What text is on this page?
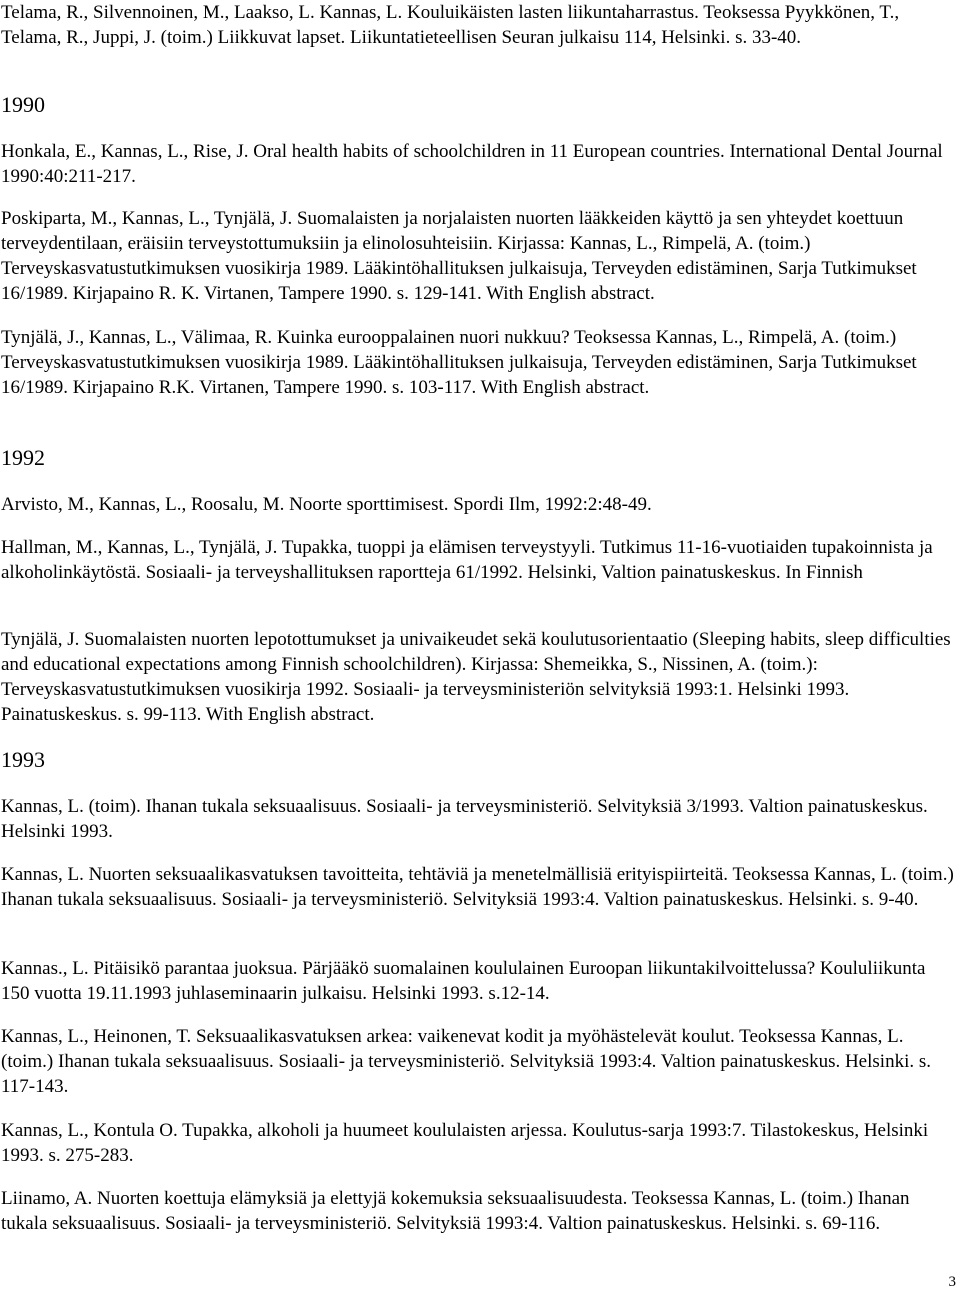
Telama, R., Silvennoinen, M., Laakso, L. Kannas, L. Kouluikäisten lasten liikuntaharrastus. Teoksessa Pyykkönen, T., Telama, R., Juppi, J. (toim.) Liikkuvat lapset. Liikuntatieteellisen Seuran julkaisu 114, Helsinki. s. 33-40.

1990

Honkala, E., Kannas, L., Rise, J. Oral health habits of schoolchildren in 11 European countries. International Dental Journal 1990:40:211-217.

Poskiparta, M., Kannas, L., Tynjälä, J. Suomalaisten ja norjalaisten nuorten lääkkeiden käyttö ja sen yhteydet koettuun terveydentilaan, eräisiin terveystottumuksiin ja elinolosuhteisiin. Kirjassa: Kannas, L., Rimpelä, A. (toim.) Terveyskasvatustutkimuksen vuosikirja 1989. Lääkintöhallituksen julkaisuja, Terveyden edistäminen, Sarja Tutkimukset 16/1989. Kirjapaino R. K. Virtanen, Tampere 1990. s. 129-141. With English abstract.

Tynjälä, J., Kannas, L., Välimaa, R. Kuinka eurooppalainen nuori nukkuu? Teoksessa Kannas, L., Rimpelä, A. (toim.) Terveyskasvatustutkimuksen vuosikirja 1989. Lääkintöhallituksen julkaisuja, Terveyden edistäminen, Sarja Tutkimukset 16/1989. Kirjapaino R.K. Virtanen, Tampere 1990. s. 103-117. With English abstract.

1992

Arvisto, M., Kannas, L., Roosalu, M. Noorte sporttimisest. Spordi Ilm, 1992:2:48-49.

Hallman, M., Kannas, L., Tynjälä, J. Tupakka, tuoppi ja elämisen terveystyyli. Tutkimus 11-16-vuotiaiden tupakoinnista ja alkoholinkäytöstä. Sosiaali- ja terveyshallituksen raportteja 61/1992. Helsinki, Valtion painatuskeskus. In Finnish

Tynjälä, J. Suomalaisten nuorten lepotottumukset ja univaikeudet sekä koulutusorientaatio (Sleeping habits, sleep difficulties and educational expectations among Finnish schoolchildren). Kirjassa: Shemeikka, S., Nissinen, A. (toim.): Terveyskasvatustutkimuksen vuosikirja 1992. Sosiaali- ja terveysministeriön selvityksiä 1993:1. Helsinki 1993. Painatuskeskus. s. 99-113. With English abstract.

1993

Kannas, L. (toim). Ihanan tukala seksuaalisuus. Sosiaali- ja terveysministeriö. Selvityksiä 3/1993. Valtion painatuskeskus. Helsinki 1993.

Kannas, L. Nuorten seksuaalikasvatuksen tavoitteita, tehtäviä ja menetelmällisiä erityispiirteitä. Teoksessa Kannas, L. (toim.) Ihanan tukala seksuaalisuus. Sosiaali- ja terveysministeriö. Selvityksiä 1993:4. Valtion painatuskeskus. Helsinki. s. 9-40.

Kannas., L. Pitäisikö parantaa juoksua. Pärjääkö suomalainen koululainen Euroopan liikuntakilvoittelussa? Koululiikunta 150 vuotta 19.11.1993 juhlaseminaarin julkaisu. Helsinki 1993. s.12-14.

Kannas, L., Heinonen, T. Seksuaalikasvatuksen arkea: vaikenevat kodit ja myöhästelevät koulut. Teoksessa Kannas, L. (toim.) Ihanan tukala seksuaalisuus. Sosiaali- ja terveysministeriö. Selvityksiä 1993:4. Valtion painatuskeskus. Helsinki. s. 117-143.

Kannas, L., Kontula O. Tupakka, alkoholi ja huumeet koululaisten arjessa. Koulutus-sarja 1993:7. Tilastokeskus, Helsinki 1993. s. 275-283.

Liinamo, A. Nuorten koettuja elämyksiä ja elettyjä kokemuksia seksuaalisuudesta. Teoksessa Kannas, L. (toim.) Ihanan tukala seksuaalisuus. Sosiaali- ja terveysministeriö. Selvityksiä 1993:4. Valtion painatuskeskus. Helsinki. s. 69-116.

3
